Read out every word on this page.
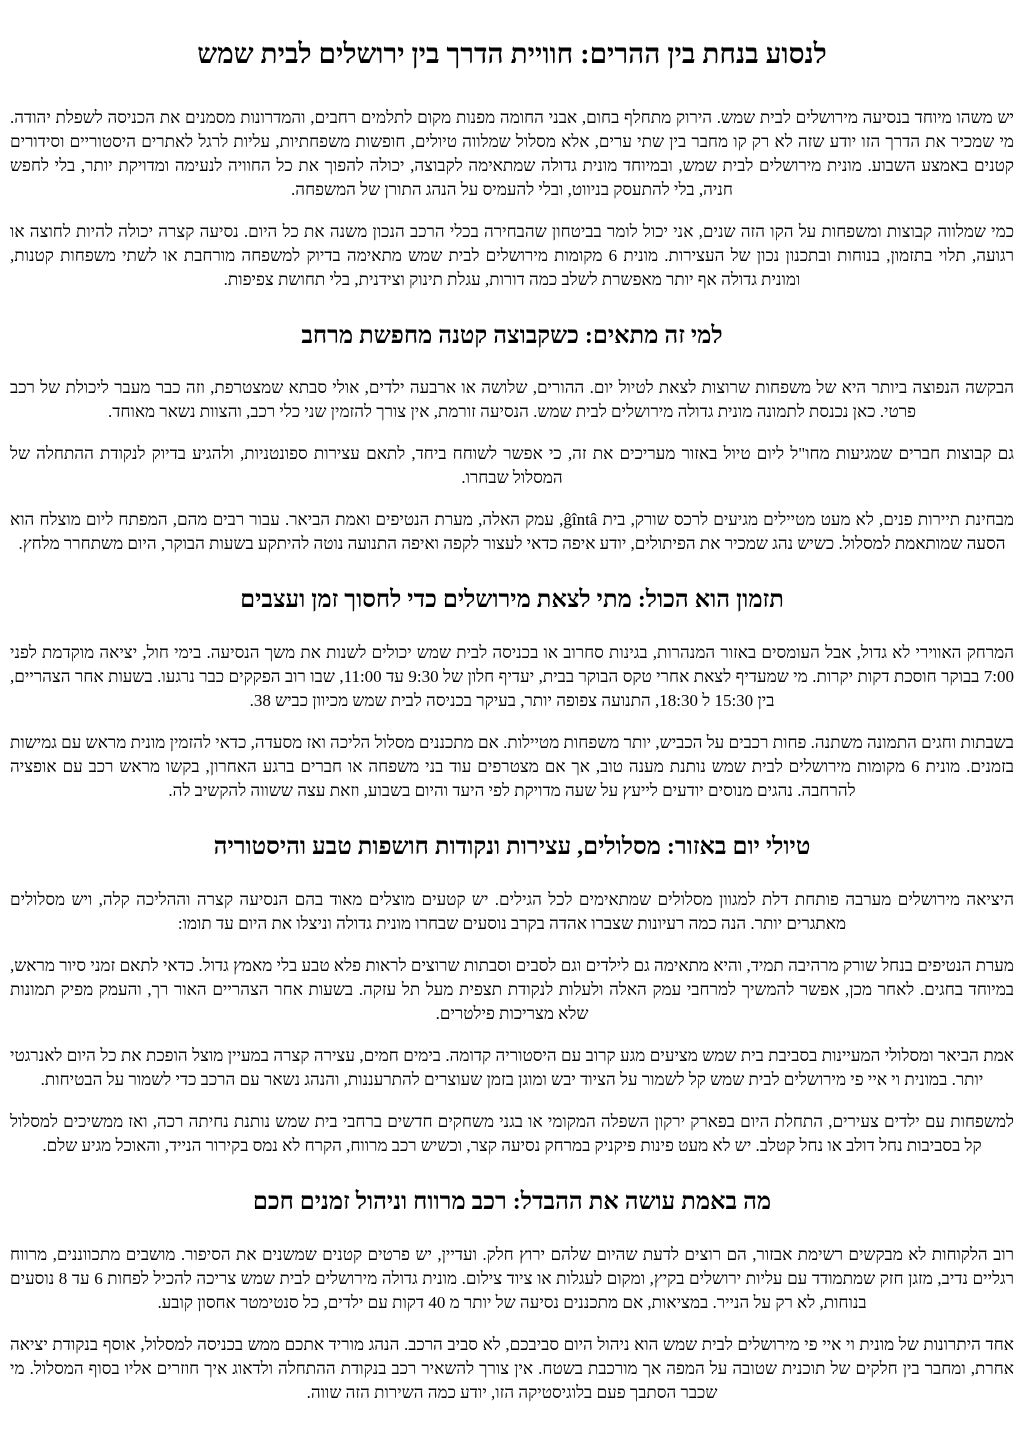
לנסוע בנחת בין ההרים: חוויית הדרך בין ירושלים לבית שמש

יש משהו מיוחד בנסיעה מירושלים לבית שמש. הירוק מתחלף בחום, אבני החומה מפנות מקום לתלמים רחבים, והמדרונות מסמנים את הכניסה לשפלת יהודה. מי שמכיר את הדרך הזו יודע שזה לא רק קו מחבר בין שתי ערים, אלא מסלול שמלווה טיולים, חופשות משפחתיות, עליות לרגל לאתרים היסטוריים וסידורים קטנים באמצע השבוע. מונית מירושלים לבית שמש, ובמיוחד מונית גדולה שמתאימה לקבוצה, יכולה להפוך את כל החוויה לנעימה ומדויקת יותר, בלי לחפש חניה, בלי להתעסק בניווט, ובלי להעמיס על הנהג התורן של המשפחה.

כמי שמלווה קבוצות ומשפחות על הקו הזה שנים, אני יכול לומר בביטחון שהבחירה בכלי הרכב הנכון משנה את כל היום. נסיעה קצרה יכולה להיות לחוצה או רגועה, תלוי בתזמון, בנוחות ובתכנון נכון של העצירות. מונית 6 מקומות מירושלים לבית שמש מתאימה בדיוק למשפחה מורחבת או לשתי משפחות קטנות, ומונית גדולה אף יותר מאפשרת לשלב כמה דורות, עגלת תינוק וצידנית, בלי תחושת צפיפות.

למי זה מתאים: כשקבוצה קטנה מחפשת מרחב

הבקשה הנפוצה ביותר היא של משפחות שרוצות לצאת לטיול יום. ההורים, שלושה או ארבעה ילדים, אולי סבתא שמצטרפת, וזה כבר מעבר ליכולת של רכב פרטי. כאן נכנסת לתמונה מונית גדולה מירושלים לבית שמש. הנסיעה זורמת, אין צורך להזמין שני כלי רכב, והצוות נשאר מאוחד.

גם קבוצות חברים שמגיעות מחו"ל ליום טיול באזור מעריכים את זה, כי אפשר לשוחח ביחד, לתאם עצירות ספונטניות, ולהגיע בדיוק לנקודת ההתחלה של המסלול שבחרו.

מבחינת תיירות פנים, לא מעט מטיילים מגיעים לרכס שורק, בית ĝîntâ, עמק האלה, מערת הנטיפים ואמת הביאר. עבור רבים מהם, המפתח ליום מוצלח הוא הסעה שמותאמת למסלול. כשיש נהג שמכיר את הפיתולים, יודע איפה כדאי לעצור לקפה ואיפה התנועה נוטה להיתקע בשעות הבוקר, היום משתחרר מלחץ.

תזמון הוא הכול: מתי לצאת מירושלים כדי לחסוך זמן ועצבים

המרחק האווירי לא גדול, אבל העומסים באזור המנהרות, בגינות סחרוב או בכניסה לבית שמש יכולים לשנות את משך הנסיעה. בימי חול, יציאה מוקדמת לפני 7:00 בבוקר חוסכת דקות יקרות. מי שמעדיף לצאת אחרי טקס הבוקר בבית, יעדיף חלון של 9:30 עד 11:00, שבו רוב הפקקים כבר נרגעו. בשעות אחר הצהריים, בין 15:30 ל 18:30, התנועה צפופה יותר, בעיקר בכניסה לבית שמש מכיוון כביש 38.

בשבתות וחגים התמונה משתנה. פחות רכבים על הכביש, יותר משפחות מטיילות. אם מתכננים מסלול הליכה ואז מסעדה, כדאי להזמין מונית מראש עם גמישות בזמנים. מונית 6 מקומות מירושלים לבית שמש נותנת מענה טוב, אך אם מצטרפים עוד בני משפחה או חברים ברגע האחרון, בקשו מראש רכב עם אופציה להרחבה. נהגים מנוסים יודעים לייעץ על שעה מדויקת לפי היעד והיום בשבוע, וזאת עצה ששווה להקשיב לה.

טיולי יום באזור: מסלולים, עצירות ונקודות חושפות טבע והיסטוריה

היציאה מירושלים מערבה פותחת דלת למגוון מסלולים שמתאימים לכל הגילים. יש קטעים מוצלים מאוד בהם הנסיעה קצרה וההליכה קלה, ויש מסלולים מאתגרים יותר. הנה כמה רעיונות שצברו אהדה בקרב נוסעים שבחרו מונית גדולה וניצלו את היום עד תומו:

מערת הנטיפים בנחל שורק מרהיבה תמיד, והיא מתאימה גם לילדים וגם לסבים וסבתות שרוצים לראות פלא טבע בלי מאמץ גדול. כדאי לתאם זמני סיור מראש, במיוחד בחגים. לאחר מכן, אפשר להמשיך למרחבי עמק האלה ולעלות לנקודת תצפית מעל תל עזקה. בשעות אחר הצהריים האור רך, והעמק מפיק תמונות שלא מצריכות פילטרים.

אמת הביאר ומסלולי המעיינות בסביבת בית שמש מציעים מגע קרוב עם היסטוריה קדומה. בימים חמים, עצירה קצרה במעיין מוצל הופכת את כל היום לאנרגטי יותר. במונית וי איי פי מירושלים לבית שמש קל לשמור על הציוד יבש ומוגן בזמן שעוצרים להתרעננות, והנהג נשאר עם הרכב כדי לשמור על הבטיחות.

למשפחות עם ילדים צעירים, התחלת היום בפארק ירקון השפלה המקומי או בגני משחקים חדשים ברחבי בית שמש נותנת נחיתה רכה, ואז ממשיכים למסלול קל בסביבות נחל דולב או נחל קטלב. יש לא מעט פינות פיקניק במרחק נסיעה קצר, וכשיש רכב מרווח, הקרח לא נמס בקירור הנייד, והאוכל מגיע שלם.

מה באמת עושה את ההבדל: רכב מרווח וניהול זמנים חכם

רוב הלקוחות לא מבקשים רשימת אבזור, הם רוצים לדעת שהיום שלהם ירוץ חלק. ועדיין, יש פרטים קטנים שמשנים את הסיפור. מושבים מתכווננים, מרווח רגליים נדיב, מזגן חזק שמתמודד עם עליות ירושלים בקיץ, ומקום לעגלות או ציוד צילום. מונית גדולה מירושלים לבית שמש צריכה להכיל לפחות 6 עד 8 נוסעים בנוחות, לא רק על הנייר. במציאות, אם מתכננים נסיעה של יותר מ 40 דקות עם ילדים, כל סנטימטר אחסון קובע.

אחד היתרונות של מונית וי איי פי מירושלים לבית שמש הוא ניהול היום סביבכם, לא סביב הרכב. הנהג מוריד אתכם ממש בכניסה למסלול, אוסף בנקודת יציאה אחרת, ומחבר בין חלקים של תוכנית שטובה על המפה אך מורכבת בשטח. אין צורך להשאיר רכב בנקודת ההתחלה ולדאוג איך חוזרים אליו בסוף המסלול. מי שכבר הסתבך פעם בלוגיסטיקה הזו, יודע כמה השירות הזה שווה.
